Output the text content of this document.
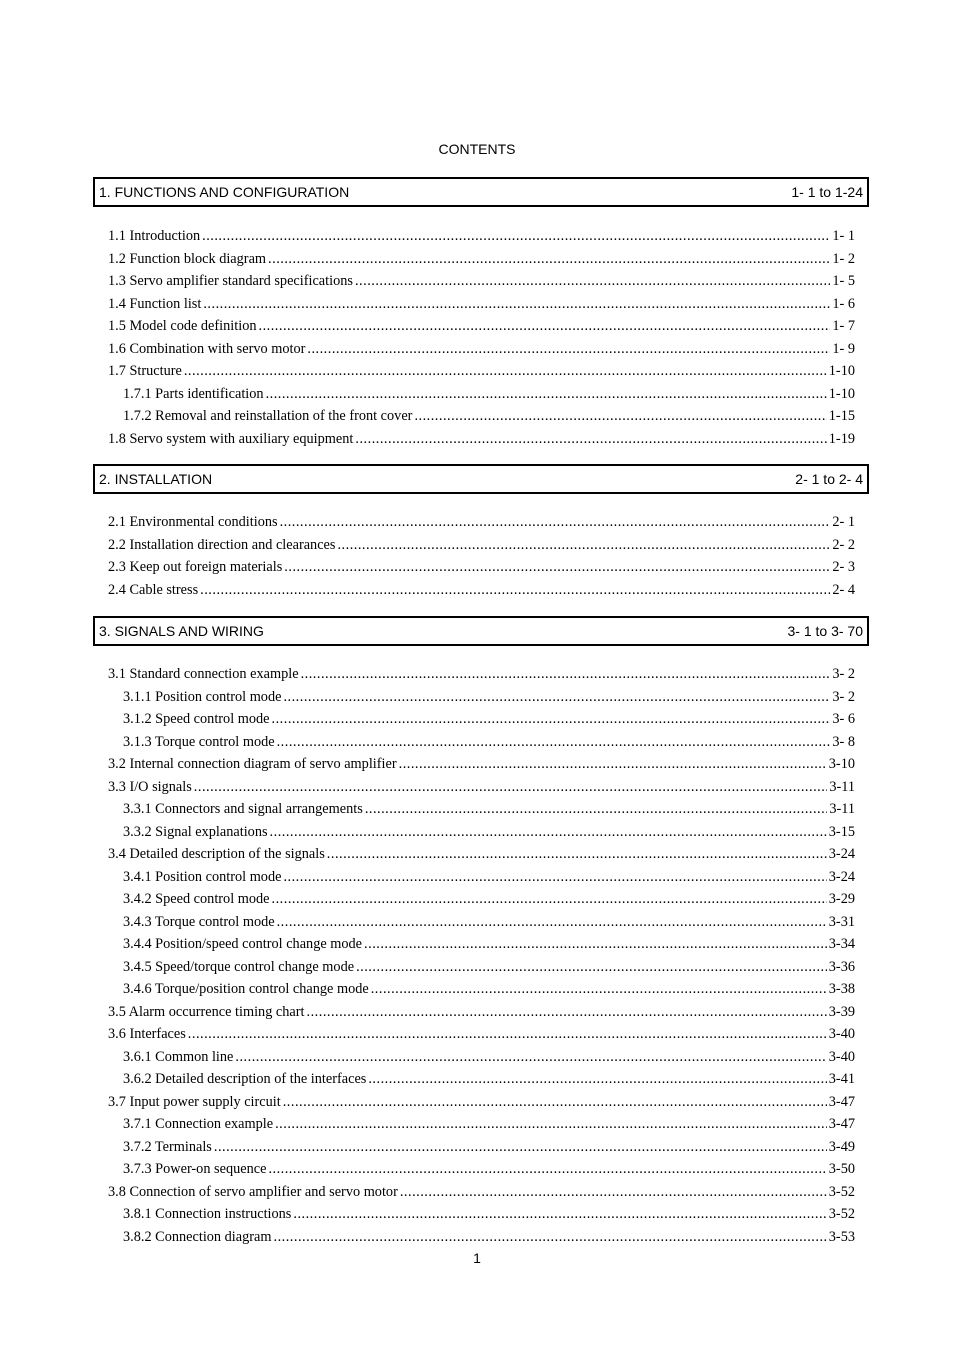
CONTENTS
1. FUNCTIONS AND CONFIGURATION	1- 1 to 1-24
1.1 Introduction .....	1- 1
1.2 Function block diagram .....	1- 2
1.3 Servo amplifier standard specifications .....	1- 5
1.4 Function list .....	1- 6
1.5 Model code definition .....	1- 7
1.6 Combination with servo motor .....	1- 9
1.7 Structure .....	1-10
1.7.1 Parts identification .....	1-10
1.7.2 Removal and reinstallation of the front cover .....	1-15
1.8 Servo system with auxiliary equipment .....	1-19
2. INSTALLATION	2- 1 to 2- 4
2.1 Environmental conditions .....	2- 1
2.2 Installation direction and clearances .....	2- 2
2.3 Keep out foreign materials .....	2- 3
2.4 Cable stress .....	2- 4
3. SIGNALS AND WIRING	3- 1 to 3- 70
3.1 Standard connection example .....	3- 2
3.1.1 Position control mode .....	3- 2
3.1.2 Speed control mode .....	3- 6
3.1.3 Torque control mode .....	3- 8
3.2 Internal connection diagram of servo amplifier .....	3-10
3.3 I/O signals .....	3-11
3.3.1 Connectors and signal arrangements .....	3-11
3.3.2 Signal explanations .....	3-15
3.4 Detailed description of the signals .....	3-24
3.4.1 Position control mode .....	3-24
3.4.2 Speed control mode .....	3-29
3.4.3 Torque control mode .....	3-31
3.4.4 Position/speed control change mode .....	3-34
3.4.5 Speed/torque control change mode .....	3-36
3.4.6 Torque/position control change mode .....	3-38
3.5 Alarm occurrence timing chart .....	3-39
3.6 Interfaces .....	3-40
3.6.1 Common line .....	3-40
3.6.2 Detailed description of the interfaces .....	3-41
3.7 Input power supply circuit .....	3-47
3.7.1 Connection example .....	3-47
3.7.2 Terminals .....	3-49
3.7.3 Power-on sequence .....	3-50
3.8 Connection of servo amplifier and servo motor .....	3-52
3.8.1 Connection instructions .....	3-52
3.8.2 Connection diagram .....	3-53
1
